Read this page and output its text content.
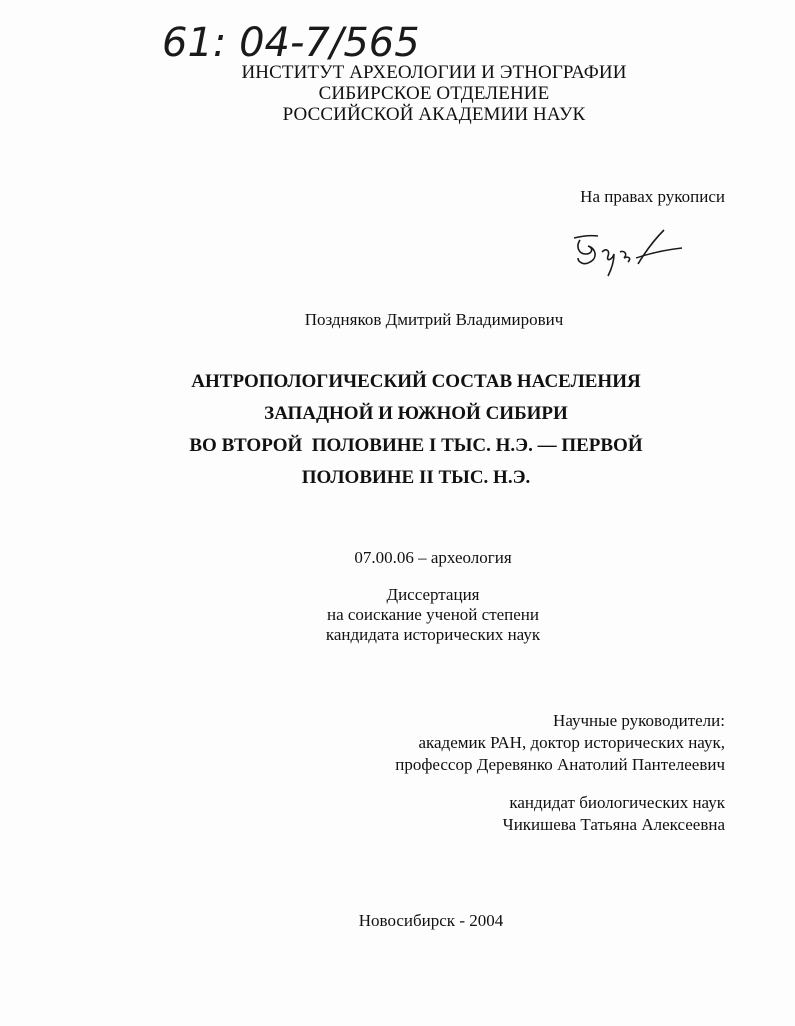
61: 04-7/565
ИНСТИТУТ АРХЕОЛОГИИ И ЭТНОГРАФИИ
СИБИРСКОЕ ОТДЕЛЕНИЕ
РОССИЙСКОЙ АКАДЕМИИ НАУК
На правах рукописи
Поздняков Дмитрий Владимирович
АНТРОПОЛОГИЧЕСКИЙ СОСТАВ НАСЕЛЕНИЯ
ЗАПАДНОЙ И ЮЖНОЙ СИБИРИ
ВО ВТОРОЙ  ПОЛОВИНЕ I ТЫС. Н.Э. — ПЕРВОЙ
ПОЛОВИНЕ II ТЫС. Н.Э.
07.00.06 – археология
Диссертация
на соискание ученой степени
кандидата исторических наук
Научные руководители:
академик РАН, доктор исторических наук,
профессор Деревянко Анатолий Пантелеевич
кандидат биологических наук
Чикишева Татьяна Алексеевна
Новосибирск - 2004
